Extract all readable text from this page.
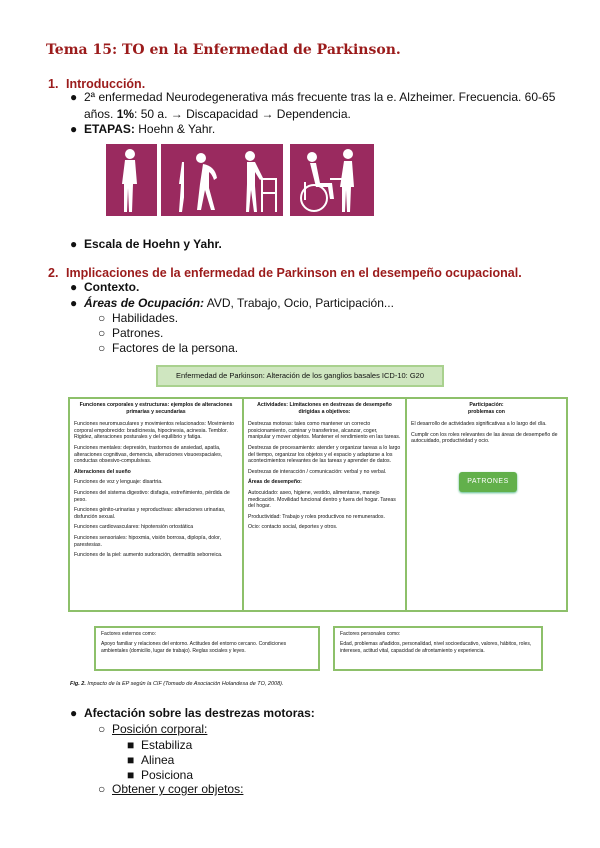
Tema 15: TO en la Enfermedad de Parkinson.
1. Introducción.
● 2ª enfermedad Neurodegenerativa más frecuente tras la e. Alzheimer. Frecuencia. 60-65
años. 1%: 50 a. → Discapacidad → Dependencia.
● ETAPAS: Hoehn & Yahr.
● Escala de Hoehn y Yahr.
2. Implicaciones de la enfermedad de Parkinson en el desempeño ocupacional.
● Contexto.
● Áreas de Ocupación: AVD, Trabajo, Ocio, Participación...
○ Habilidades.
○ Patrones.
○ Factores de la persona.
Enfermedad de Parkinson: Alteración de los ganglios basales ICD-10: G20

Funciones corporales y estructuras: ejemplos de alteraciones primarias y secundarias

Funciones neuromusculares y movimientos relacionados: Movimiento corporal empobrecido: bradicinesia, hipocinesia, acinesia. Temblor. Rigidez, alteraciones posturales y del equilibrio y fatiga.

Funciones mentales: depresión, trastornos de ansiedad, apatía, alteraciones cognitivas, demencia, alteraciones visuoespaciales, conductas obsesivo-compulsivas.

Alteraciones del sueño

Funciones de voz y lenguaje: disartria.

Funciones del sistema digestivo: disfagia, estreñimiento, pérdida de peso.

Funciones génito-urinarias y reproductivas: alteraciones urinarias, disfunción sexual.

Funciones cardiovasculares: hipotensión ortostática

Funciones sensoriales: hipoxmia, visión borrosa, diplopía, dolor, parestesias.

Funciones de la piel: aumento sudoración, dermatitis seborreica.

Actividades: Limitaciones en destrezas de desempeño dirigidas a objetivos:

Destrezas motoras: tales como mantener un correcto posicionamiento, caminar y transferirse, alcanzar, coger, manipular y mover objetos. Mantener el rendimiento en las tareas.

Destrezas de procesamiento: atender y organizar tareas a lo largo del tiempo, organizar los objetos y el espacio y adaptarse a los acontecimientos relevantes de las tareas y aprender de datos.

Destrezas de interacción / comunicación: verbal y no verbal.

Áreas de desempeño:

Autocuidado: aseo, higiene, vestido, alimentarse, manejo medicación. Movilidad funcional dentro y fuera del hogar. Tareas del hogar.

Productividad: Trabajo y roles productivos no remunerados.

Ocio: contacto social, deportes y otros.

Participación:

problemas con

El desarrollo de actividades significativas a lo largo del día.

Cumplir con los roles relevantes de las áreas de desempeño de autocuidado, productividad y ocio.

PATRONES
Factores externos como:
Apoyo familiar y relaciones del entorno. Actitudes del entorno cercano. Condiciones ambientales (domicilio, lugar de trabajo). Reglas sociales y leyes.
Factores personales como:
Edad, problemas añadidos, personalidad, nivel socioeducativo, valores, hábitos, roles, intereses, actitud vital, capacidad de afrontamiento y experiencia.
Fig. 2. Impacto de la EP según la CIF (Tomado de Asociación Holandesa de TO, 2008).
● Afectación sobre las destrezas motoras:
○ Posición corporal:
■ Estabiliza
■ Alinea
■ Posiciona
○ Obtener y coger objetos:
